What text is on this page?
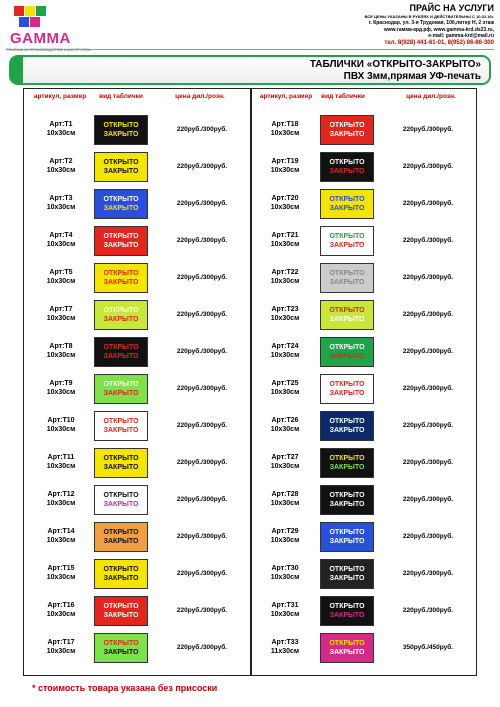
GAMMA
ПРАЙС НА УСЛУГИ
ВСЕ ЦЕНЫ УКАЗАНЫ В РУБЛЯХ И ДЕЙСТВИТЕЛЬНЫ С 10.02.16г.
г. Краснодар, ул. 3-я Трудовая, 100,литер Н, 2 этаж
www.гамма-крд.рф, www.gamma-krd.ds23.ru,
e-mail: gamma-krd@mail.ru
тел. 8(928) 441-61-01, 8(952) 86-86-300
ТАБЛИЧКИ «ОТКРЫТО-ЗАКРЫТО»
ПВХ 3мм,прямая УФ-печать
артикул, размер	вид таблички	цена дил./розн.	артикул, размер	вид таблички	цена дил./розн.
Арт:Т1
10х30см
ОТКРЫТО
ЗАКРЫТО
220руб./300руб.
Арт:Т2
10х30см
ОТКРЫТО
ЗАКРЫТО
220руб./300руб.
Арт:Т3
10х30см
ОТКРЫТО
ЗАКРЫТО
220руб./300руб.
Арт:Т4
10х30см
ОТКРЫТО
ЗАКРЫТО
220руб./300руб.
Арт:Т5
10х30см
ОТКРЫТО
ЗАКРЫТО
220руб./300руб.
Арт:Т7
10х30см
ОТКРЫТО
ЗАКРЫТО
220руб./300руб.
Арт:Т8
10х30см
ОТКРЫТО
ЗАКРЫТО
220руб./300руб.
Арт:Т9
10х30см
ОТКРЫТО
ЗАКРЫТО
220руб./300руб.
Арт:Т10
10х30см
ОТКРЫТО
ЗАКРЫТО
220руб./300руб.
Арт:Т11
10х30см
ОТКРЫТО
ЗАКРЫТО
220руб./300руб.
Арт:Т12
10х30см
ОТКРЫТО
ЗАКРЫТО
220руб./300руб.
Арт:Т14
10х30см
ОТКРЫТО
ЗАКРЫТО
220руб./300руб.
Арт:Т15
10х30см
ОТКРЫТО
ЗАКРЫТО
220руб./300руб.
Арт:Т16
10х30см
ОТКРЫТО
ЗАКРЫТО
220руб./300руб.
Арт:Т17
10х30см
ОТКРЫТО
ЗАКРЫТО
220руб./300руб.
Арт:Т18
10х30см
ОТКРЫТО
ЗАКРЫТО
220руб./300руб.
Арт:Т19
10х30см
ОТКРЫТО
ЗАКРЫТО
220руб./300руб.
Арт:Т20
10х30см
ОТКРЫТО
ЗАКРЫТО
220руб./300руб.
Арт:Т21
10х30см
ОТКРЫТО
ЗАКРЫТО
220руб./300руб.
Арт:Т22
10х30см
ОТКРЫТО
ЗАКРЫТО
220руб./300руб.
Арт:Т23
10х30см
ОТКРЫТО
ЗАКРЫТО
220руб./300руб.
Арт:Т24
10х30см
ОТКРЫТО
ЗАКРЫТО
220руб./300руб.
Арт:Т25
10х30см
ОТКРЫТО
ЗАКРЫТО
220руб./300руб.
Арт:Т26
10х30см
ОТКРЫТО
ЗАКРЫТО
220руб./300руб.
Арт:Т27
10х30см
ОТКРЫТО
ЗАКРЫТО
220руб./300руб.
Арт:Т28
10х30см
ОТКРЫТО
ЗАКРЫТО
220руб./300руб.
Арт:Т29
10х30см
ОТКРЫТО
ЗАКРЫТО
220руб./300руб.
Арт:Т30
10х30см
ОТКРЫТО
ЗАКРЫТО
220руб./300руб.
Арт:Т31
10х30см
ОТКРЫТО
ЗАКРЫТО
220руб./300руб.
Арт:Т33
11х30см
ОТКРЫТО
ЗАКРЫТО
350руб./450руб.
* стоимость товара указана без присоски
